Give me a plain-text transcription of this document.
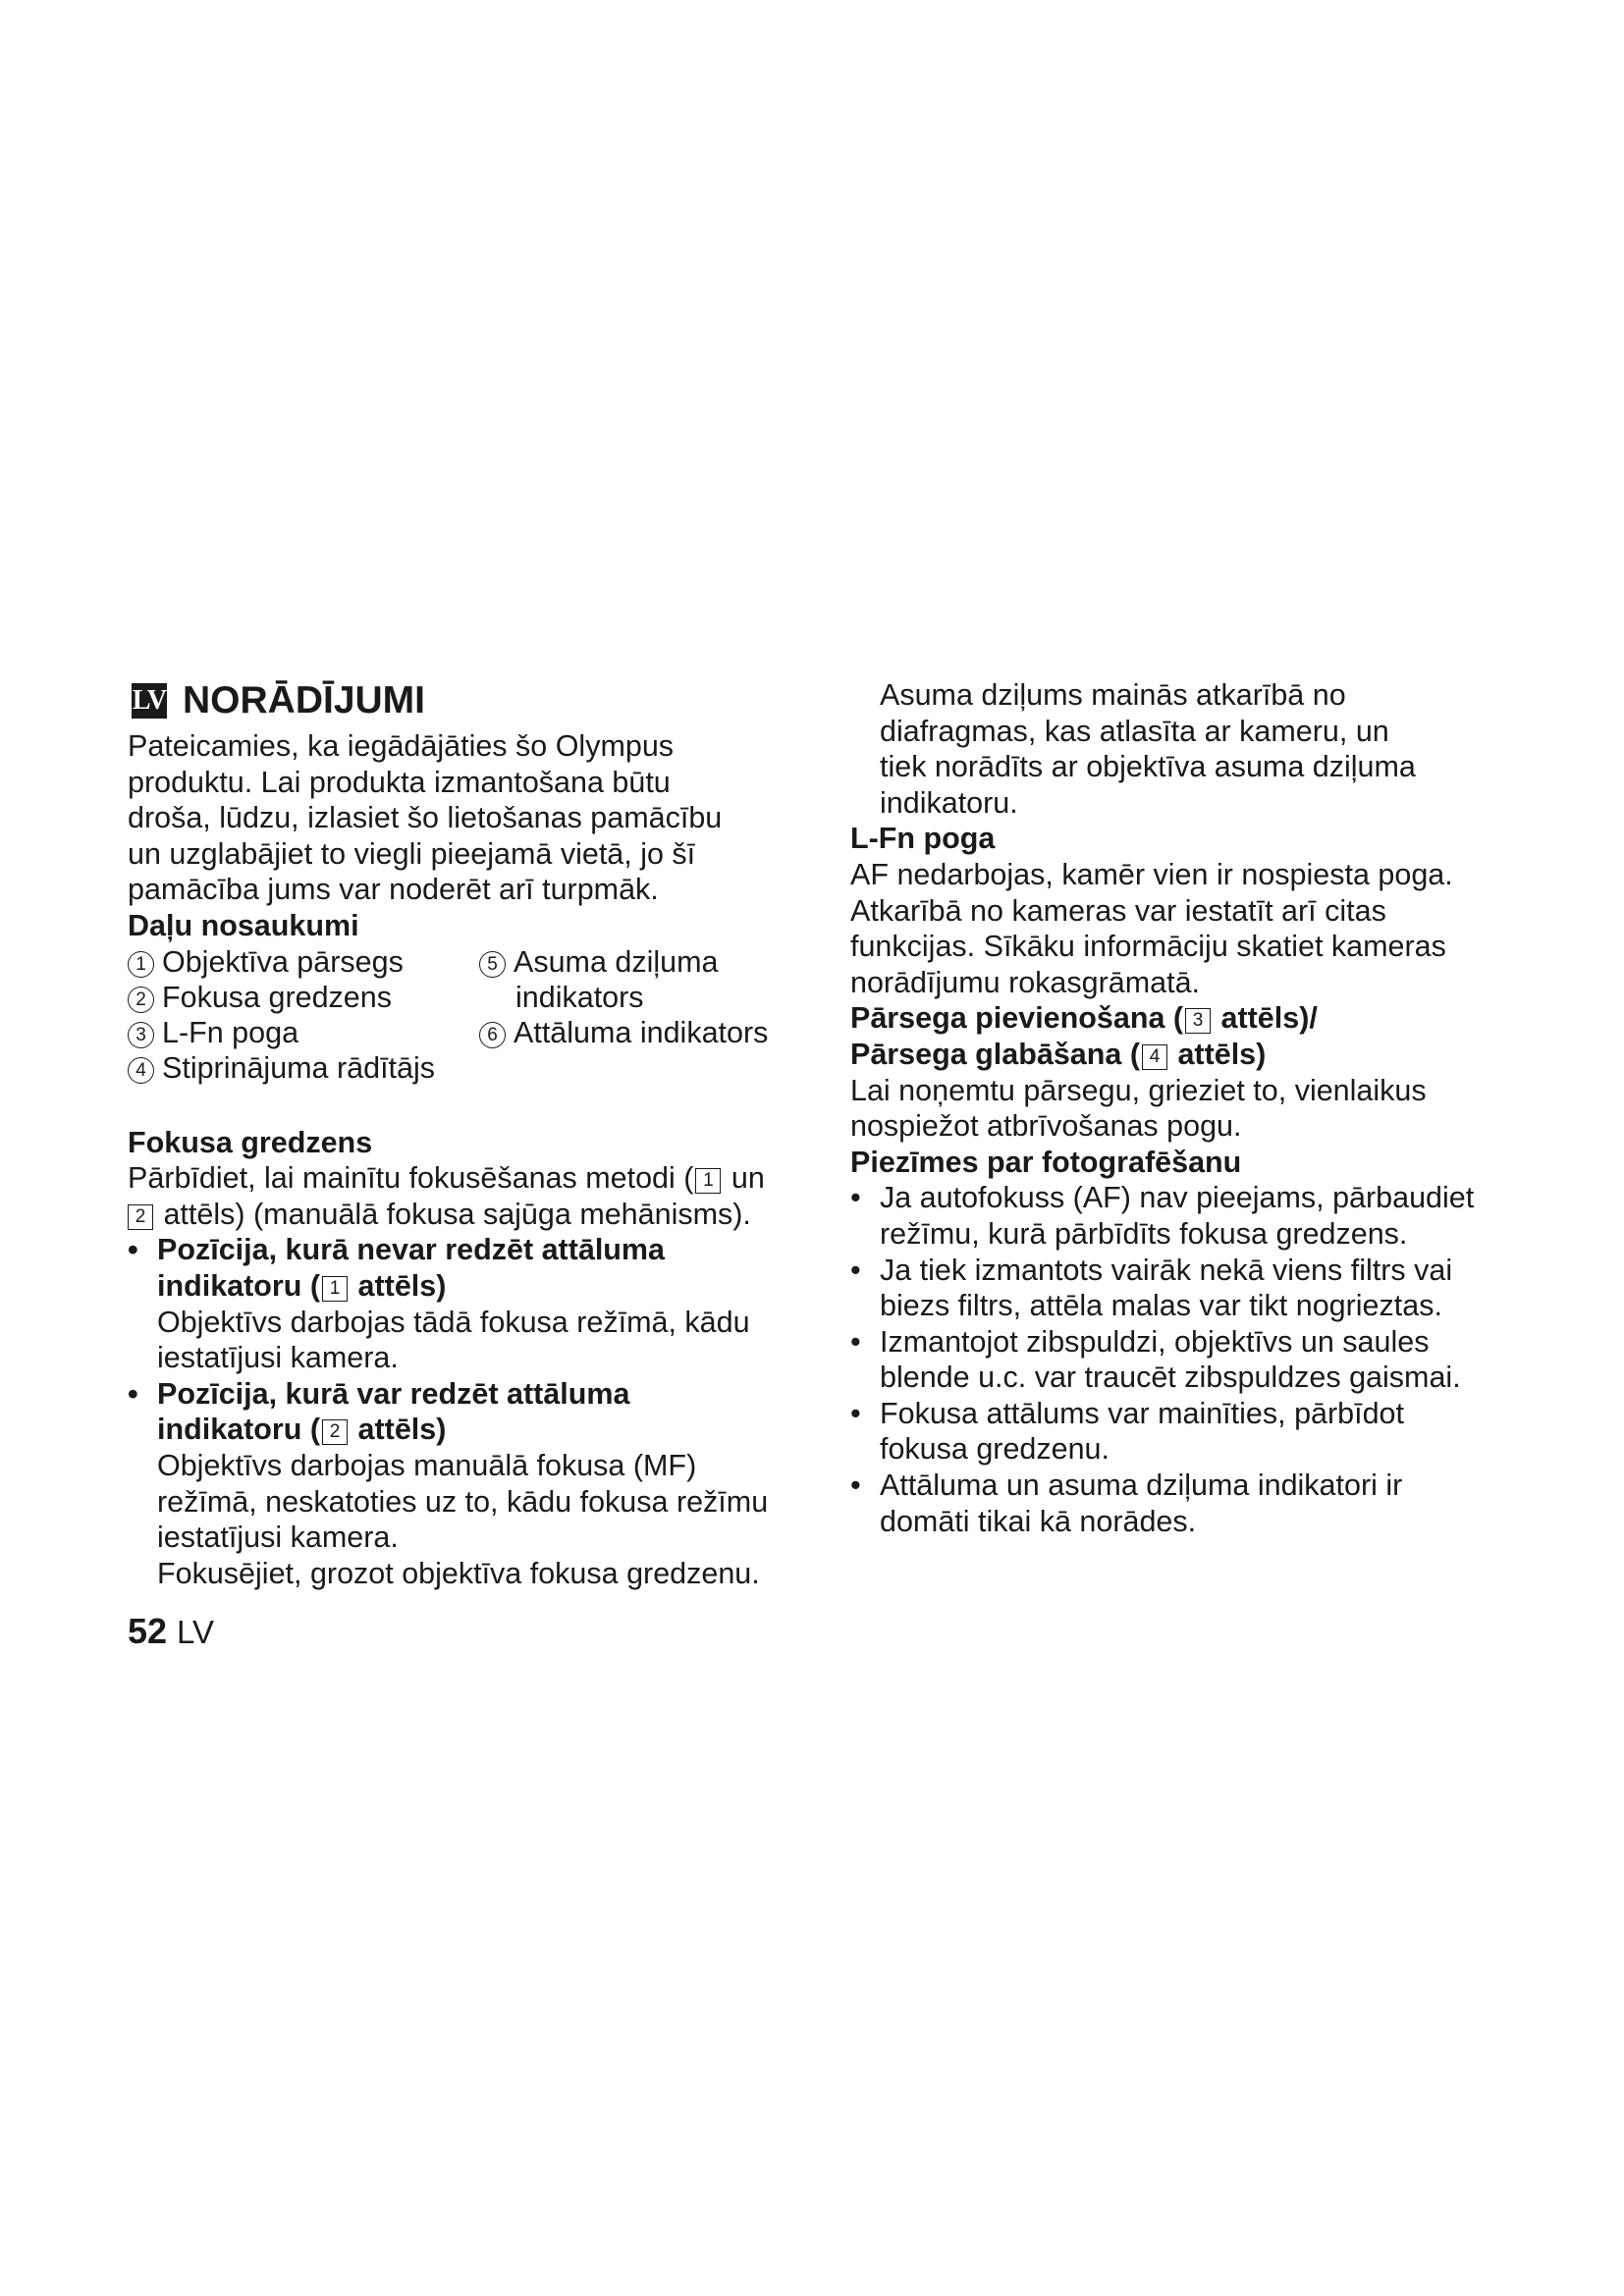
LV NORĀDĪJUMI

Pateicamies, ka iegādājāties šo Olympus

produktu. Lai produkta izmantošana būtu

droša, lūdzu, izlasiet šo lietošanas pamācību

un uzglabājiet to viegli pieejamā vietā, jo šī

pamācība jums var noderēt arī turpmāk.

Daļu nosaukumi

1 Objektīva pārsegs
2 Fokusa gredzens
3 L-Fn poga
4 Stiprinājuma rādītājs
5 Asuma dziļuma
indikators
6 Attāluma indikators

Fokusa gredzens

Pārbīdiet, lai mainītu fokusēšanas metodi ( 1 un

2 attēls) (manuālā fokusa sajūga mehānisms).

• Pozīcija, kurā nevar redzēt attāluma

indikatoru ( 1 attēls)

Objektīvs darbojas tādā fokusa režīmā, kādu

iestatījusi kamera.

• Pozīcija, kurā var redzēt attāluma

indikatoru ( 2 attēls)

Objektīvs darbojas manuālā fokusa (MF)

režīmā, neskatoties uz to, kādu fokusa režīmu

iestatījusi kamera.

Fokusējiet, grozot objektīva fokusa gredzenu.

Asuma dziļums mainās atkarībā no

diafragmas, kas atlasīta ar kameru, un

tiek norādīts ar objektīva asuma dziļuma

indikatoru.

L-Fn poga

AF nedarbojas, kamēr vien ir nospiesta poga.

Atkarībā no kameras var iestatīt arī citas

funkcijas. Sīkāku informāciju skatiet kameras

norādījumu rokasgrāmatā.

Pārsega pievienošana ( 3 attēls)/

Pārsega glabāšana ( 4 attēls)

Lai noņemtu pārsegu, grieziet to, vienlaikus

nospiežot atbrīvošanas pogu.

Piezīmes par fotografēšanu

• Ja autofokuss (AF) nav pieejams, pārbaudiet

režīmu, kurā pārbīdīts fokusa gredzens.

• Ja tiek izmantots vairāk nekā viens filtrs vai

biezs filtrs, attēla malas var tikt nogrieztas.

• Izmantojot zibspuldzi, objektīvs un saules

blende u.c. var traucēt zibspuldzes gaismai.

• Fokusa attālums var mainīties, pārbīdot

fokusa gredzenu.

• Attāluma un asuma dziļuma indikatori ir

domāti tikai kā norādes.

52 LV
